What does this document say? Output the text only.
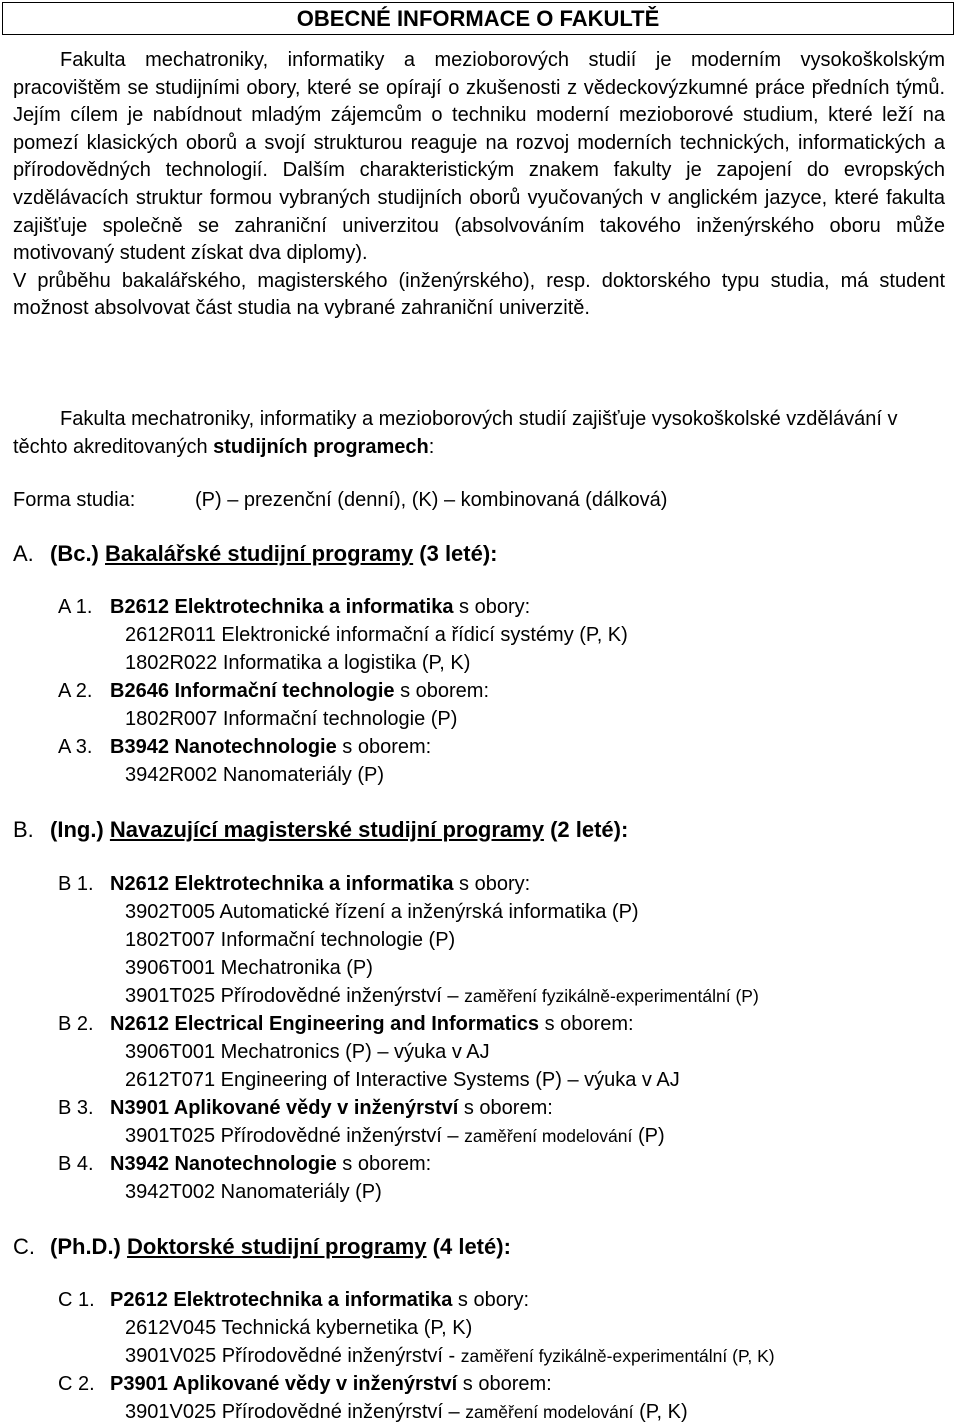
OBECNÉ INFORMACE O FAKULTĚ

Fakulta mechatroniky, informatiky a mezioborových studií je moderním vysokoškolským pracovištěm se studijními obory, které se opírají o zkušenosti z vědeckovýzkumné práce předních týmů. Jejím cílem je nabídnout mladým zájemcům o techniku moderní mezioborové studium, které leží na pomezí klasických oborů a svojí strukturou reaguje na rozvoj moderních technických, informatických a přírodovědných technologií. Dalším charakteristickým znakem fakulty je zapojení do evropských vzdělávacích struktur formou vybraných studijních oborů vyučovaných v anglickém jazyce, které fakulta zajišťuje společně se zahraniční univerzitou (absolvováním takového inženýrského oboru může motivovaný student získat dva diplomy).

V průběhu bakalářského, magisterského (inženýrského), resp. doktorského typu studia, má student možnost absolvovat část studia na vybrané zahraniční univerzitě.

Fakulta mechatroniky, informatiky a mezioborových studií zajišťuje vysokoškolské vzdělávání v těchto akreditovaných studijních programech:

Forma studia:	(P) – prezenční (denní), (K) – kombinovaná (dálková)
A. (Bc.) Bakalářské studijní programy (3 leté):
A 1. B2612 Elektrotechnika a informatika s obory:
2612R011 Elektronické informační a řídicí systémy (P, K)
1802R022 Informatika a logistika (P, K)
A 2. B2646 Informační technologie s oborem:
1802R007 Informační technologie (P)
A 3. B3942 Nanotechnologie s oborem:
3942R002 Nanomateriály (P)
B. (Ing.) Navazující magisterské studijní programy (2 leté):
B 1. N2612 Elektrotechnika a informatika s obory:
3902T005 Automatické řízení a inženýrská informatika (P)
1802T007 Informační technologie (P)
3906T001 Mechatronika (P)
3901T025 Přírodovědné inženýrství – zaměření fyzikálně-experimentální (P)
B 2. N2612 Electrical Engineering and Informatics s oborem:
3906T001 Mechatronics (P) – výuka v AJ
2612T071 Engineering of Interactive Systems (P) – výuka v AJ
B 3. N3901 Aplikované vědy v inženýrství s oborem:
3901T025 Přírodovědné inženýrství – zaměření modelování (P)
B 4. N3942 Nanotechnologie s oborem:
3942T002 Nanomateriály (P)
C. (Ph.D.) Doktorské studijní programy (4 leté):
C 1. P2612 Elektrotechnika a informatika s obory:
2612V045 Technická kybernetika (P, K)
3901V025 Přírodovědné inženýrství - zaměření fyzikálně-experimentální (P, K)
C 2. P3901 Aplikované vědy v inženýrství s oborem:
3901V025 Přírodovědné inženýrství – zaměření modelování (P, K)
